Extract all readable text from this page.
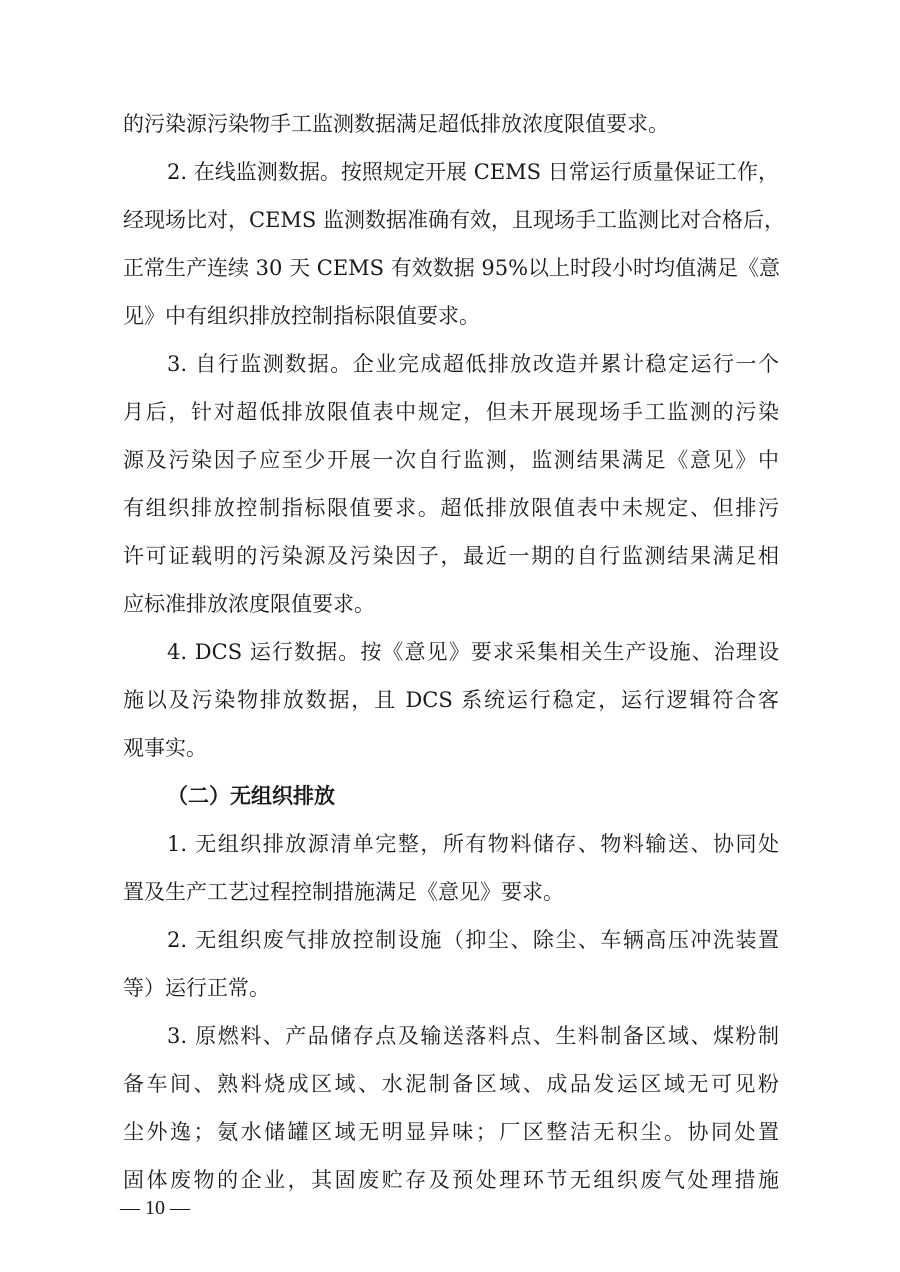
的污染源污染物手工监测数据满足超低排放浓度限值要求。
2. 在线监测数据。按照规定开展 CEMS 日常运行质量保证工作，
经现场比对，CEMS 监测数据准确有效，且现场手工监测比对合格后，
正常生产连续 30 天 CEMS 有效数据 95%以上时段小时均值满足《意
见》中有组织排放控制指标限值要求。
3. 自行监测数据。企业完成超低排放改造并累计稳定运行一个
月后，针对超低排放限值表中规定，但未开展现场手工监测的污染
源及污染因子应至少开展一次自行监测，监测结果满足《意见》中
有组织排放控制指标限值要求。超低排放限值表中未规定、但排污
许可证载明的污染源及污染因子，最近一期的自行监测结果满足相
应标准排放浓度限值要求。
4. DCS 运行数据。按《意见》要求采集相关生产设施、治理设
施以及污染物排放数据，且 DCS 系统运行稳定，运行逻辑符合客
观事实。
（二）无组织排放
1. 无组织排放源清单完整，所有物料储存、物料输送、协同处
置及生产工艺过程控制措施满足《意见》要求。
2. 无组织废气排放控制设施（抑尘、除尘、车辆高压冲洗装置
等）运行正常。
3. 原燃料、产品储存点及输送落料点、生料制备区域、煤粉制
备车间、熟料烧成区域、水泥制备区域、成品发运区域无可见粉
尘外逸；氨水储罐区域无明显异味；厂区整洁无积尘。协同处置
固体废物的企业，其固废贮存及预处理环节无组织废气处理措施
— 10 —
